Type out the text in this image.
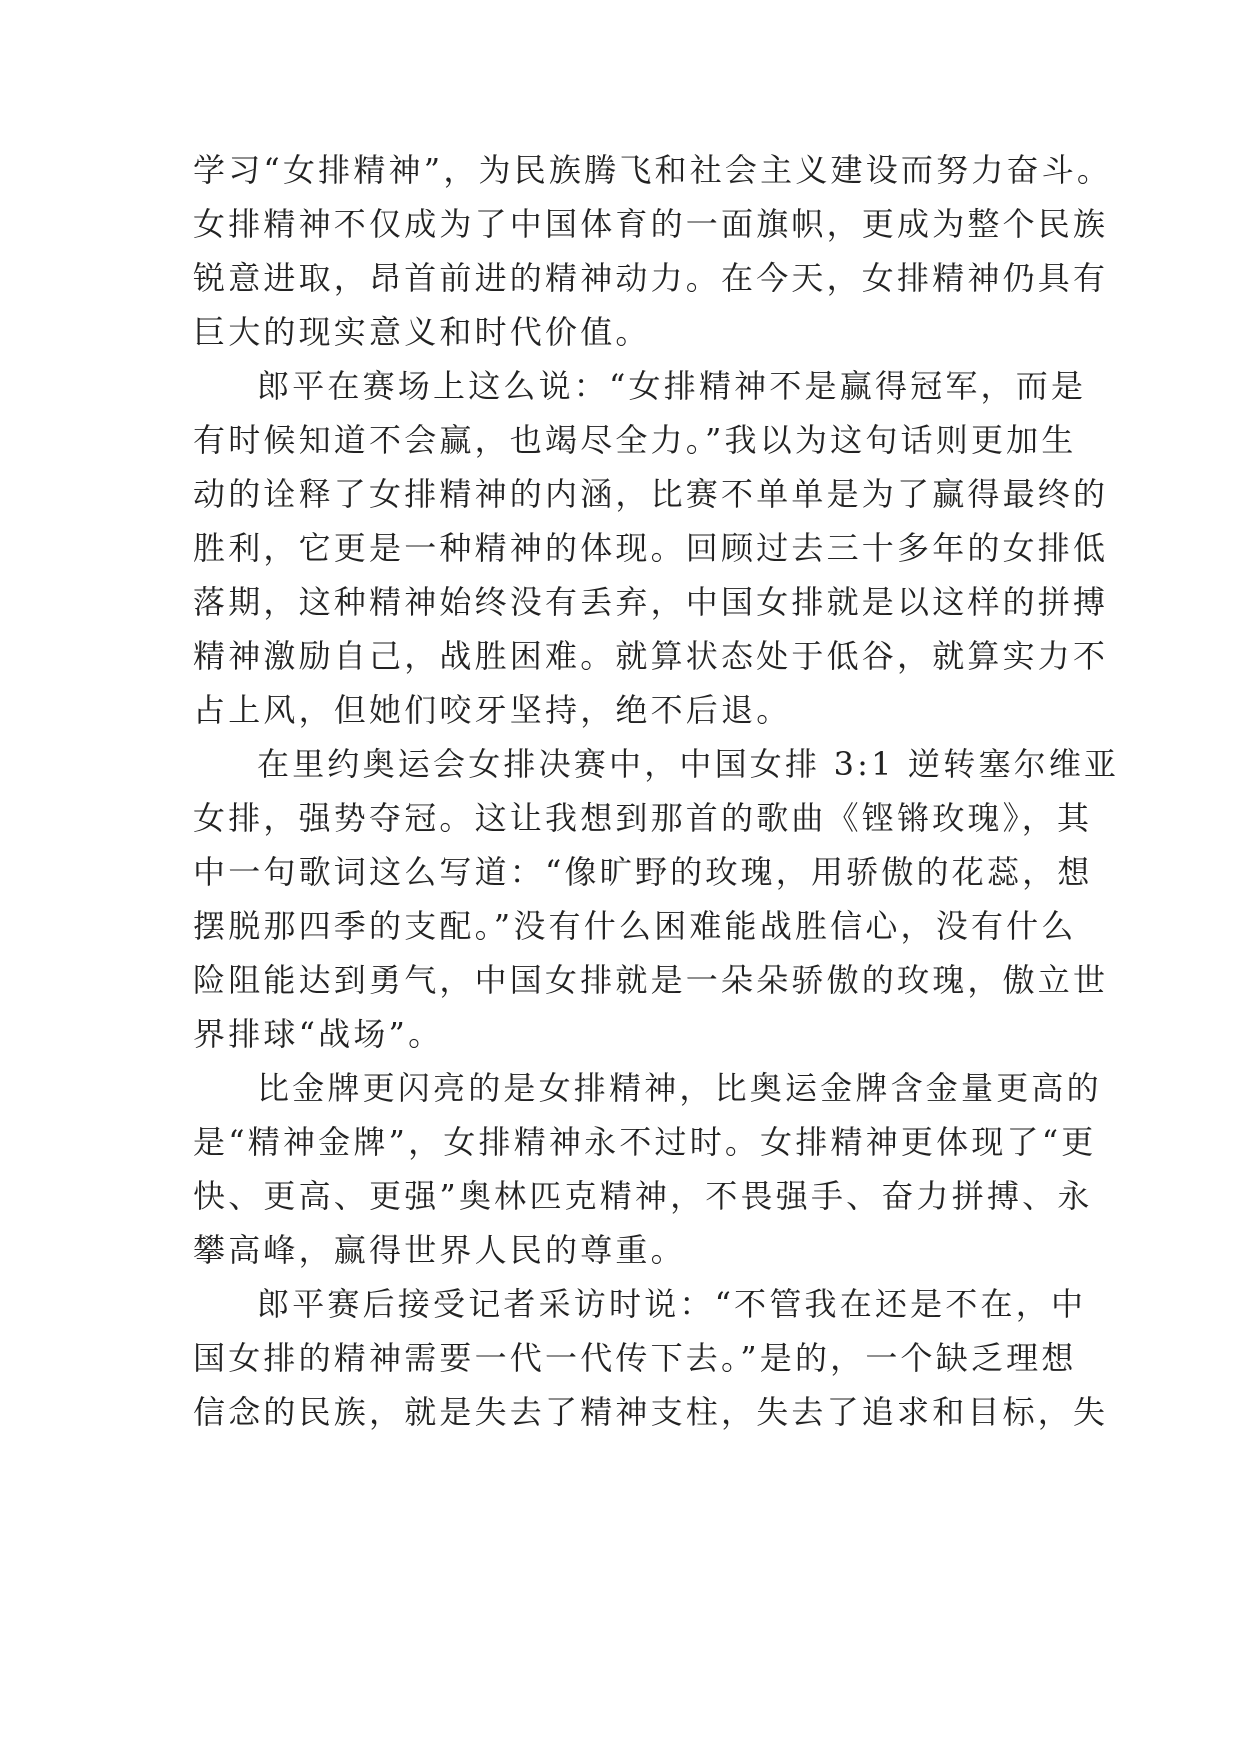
学习“女排精神”，为民族腾飞和社会主义建设而努力奋斗。
女排精神不仅成为了中国体育的一面旗帜，更成为整个民族
锐意进取，昂首前进的精神动力。在今天，女排精神仍具有
巨大的现实意义和时代价值。
郎平在赛场上这么说：“女排精神不是赢得冠军，而是
有时候知道不会赢，也竭尽全力。”我以为这句话则更加生
动的诠释了女排精神的内涵，比赛不单单是为了赢得最终的
胜利，它更是一种精神的体现。回顾过去三十多年的女排低
落期，这种精神始终没有丢弃，中国女排就是以这样的拼搏
精神激励自己，战胜困难。就算状态处于低谷，就算实力不
占上风，但她们咬牙坚持，绝不后退。
在里约奥运会女排决赛中，中国女排 3:1 逆转塞尔维亚
女排，强势夺冠。这让我想到那首的歌曲《铿锵玫瑰》，其
中一句歌词这么写道：“像旷野的玫瑰，用骄傲的花蕊，想
摆脱那四季的支配。”没有什么困难能战胜信心，没有什么
险阻能达到勇气，中国女排就是一朵朵骄傲的玫瑰，傲立世
界排球“战场”。
比金牌更闪亮的是女排精神，比奥运金牌含金量更高的
是“精神金牌”，女排精神永不过时。女排精神更体现了“更
快、更高、更强”奥林匹克精神，不畏强手、奋力拼搏、永
攀高峰，赢得世界人民的尊重。
郎平赛后接受记者采访时说：“不管我在还是不在，中
国女排的精神需要一代一代传下去。”是的，一个缺乏理想
信念的民族，就是失去了精神支柱，失去了追求和目标，失
